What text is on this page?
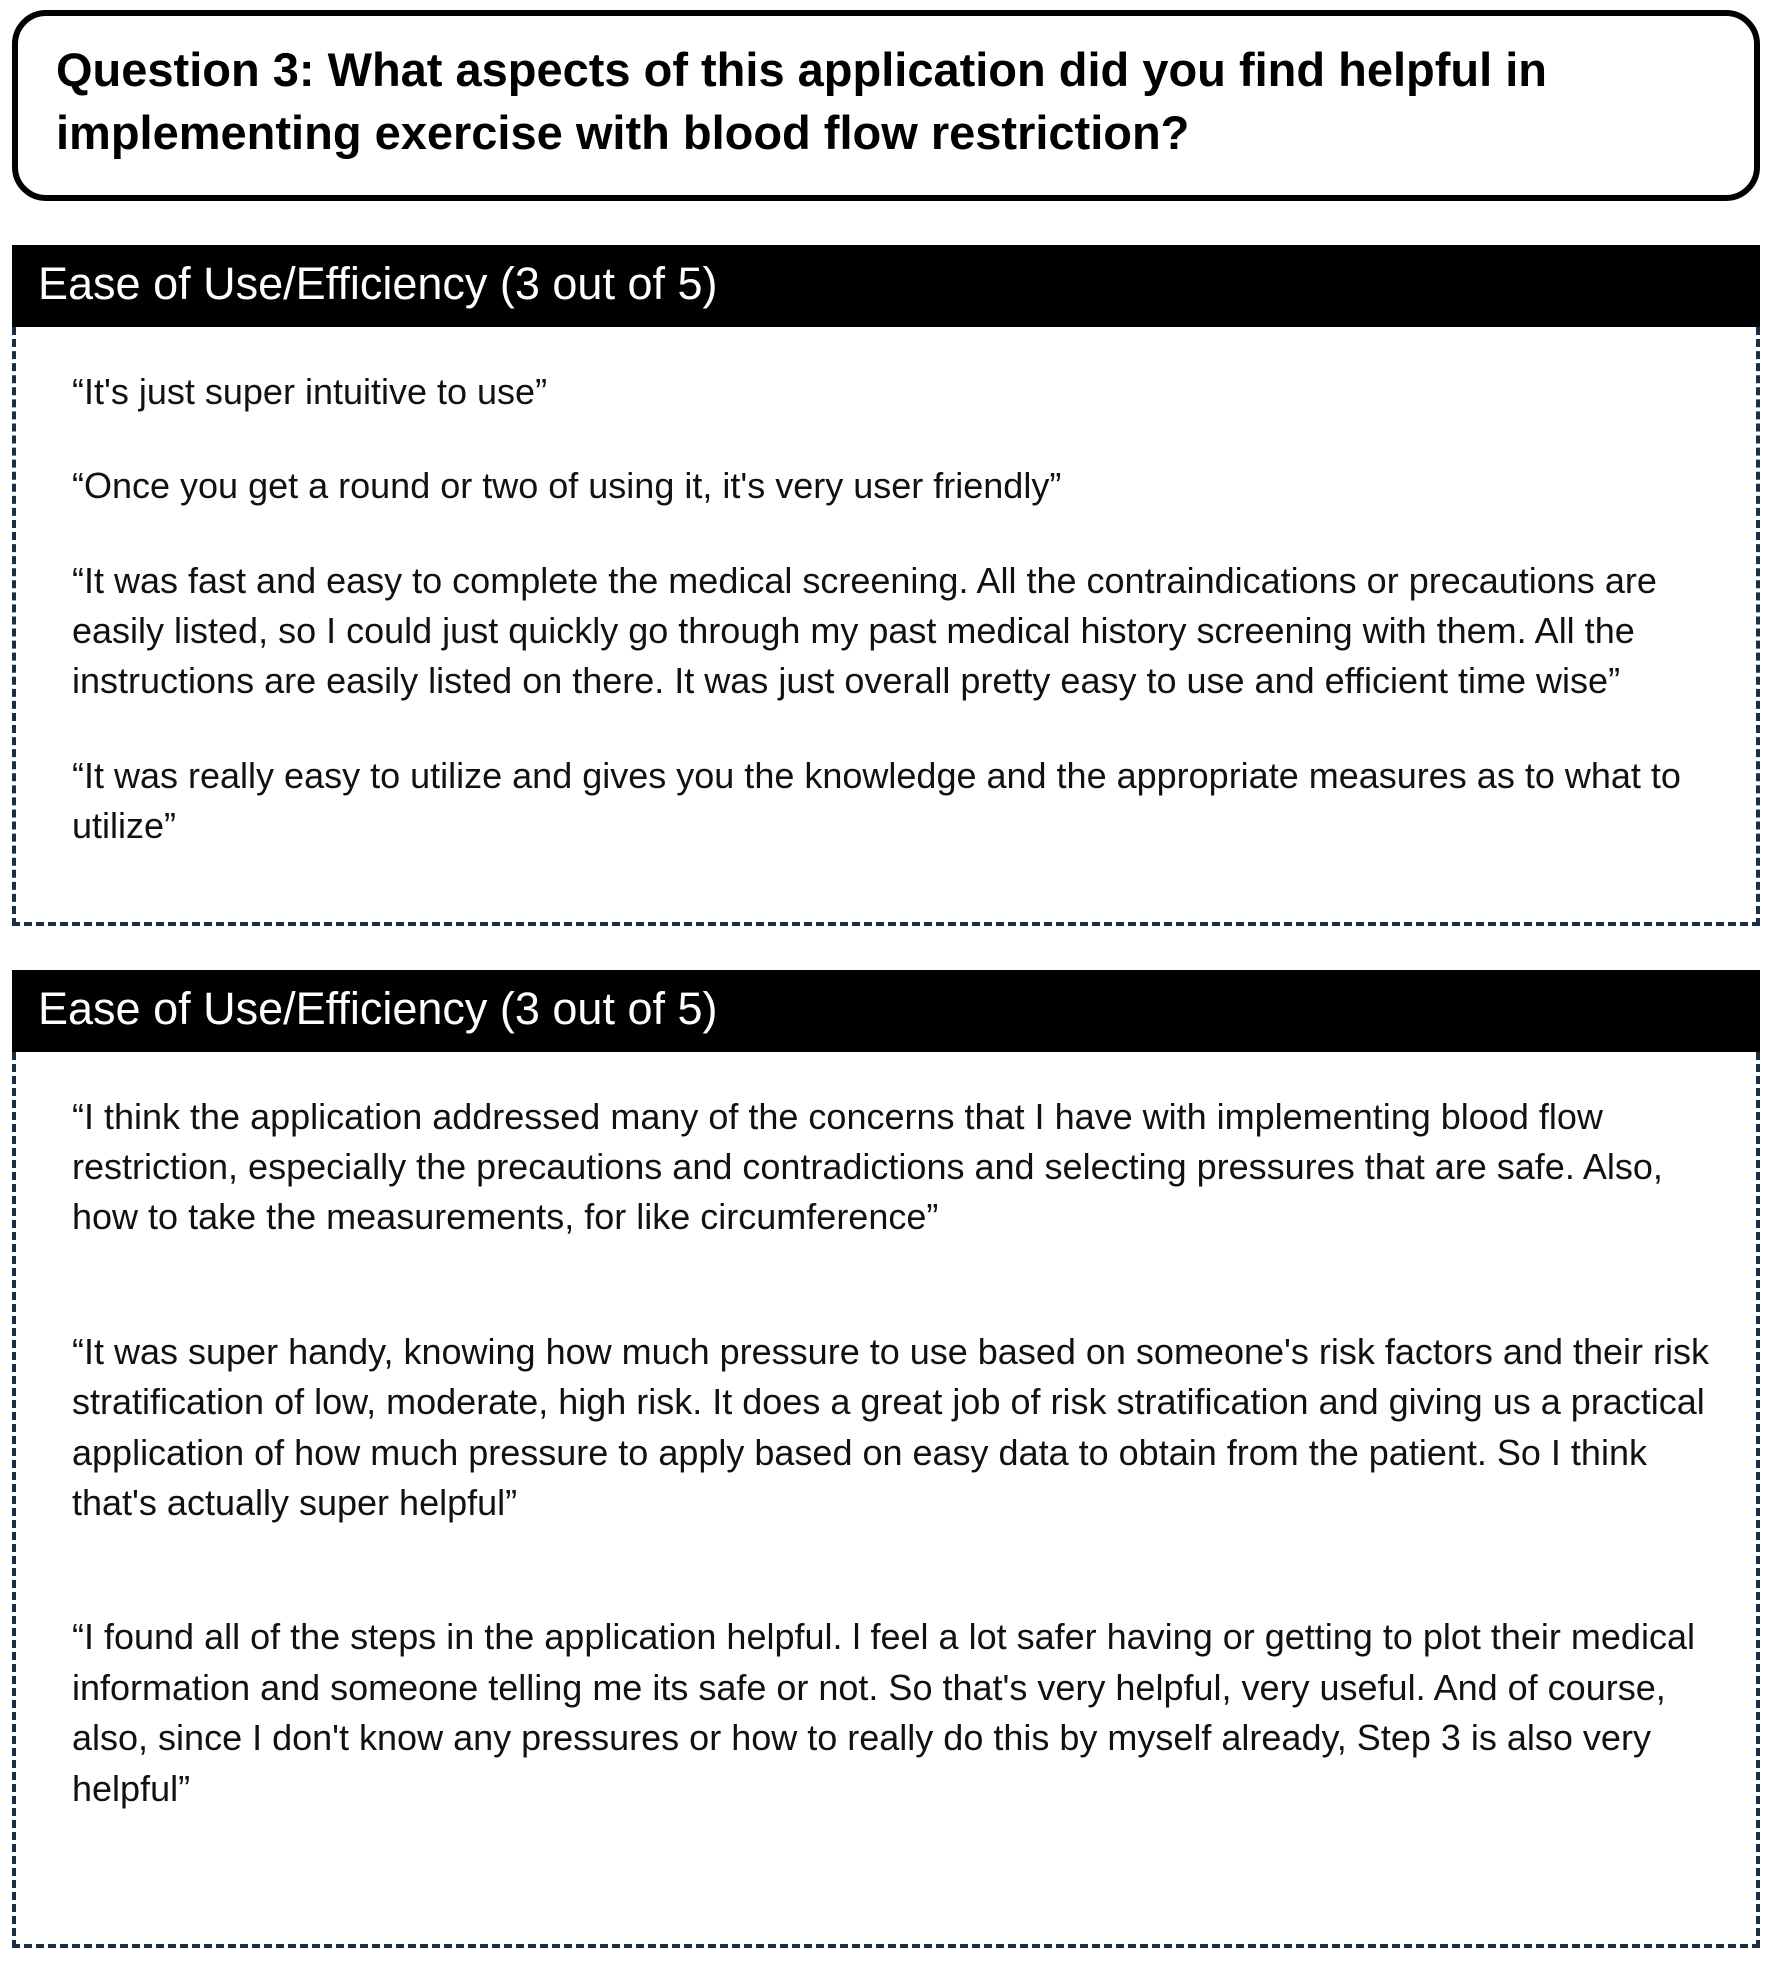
Question 3: What aspects of this application did you find helpful in implementing exercise with blood flow restriction?
Ease of Use/Efficiency (3 out of 5)

“It's just super intuitive to use”

“Once you get a round or two of using it, it's very user friendly”

“It was fast and easy to complete the medical screening. All the contraindications or precautions are easily listed, so I could just quickly go through my past medical history screening with them. All the instructions are easily listed on there. It was just overall pretty easy to use and efficient time wise”

“It was really easy to utilize and gives you the knowledge and the appropriate measures as to what to utilize”

Ease of Use/Efficiency (3 out of 5)

“I think the application addressed many of the concerns that I have with implementing blood flow restriction, especially the precautions and contradictions and selecting pressures that are safe. Also, how to take the measurements, for like circumference”

“It was super handy, knowing how much pressure to use based on someone's risk factors and their risk stratification of low, moderate, high risk. It does a great job of risk stratification and giving us a practical application of how much pressure to apply based on easy data to obtain from the patient. So I think that's actually super helpful”

“I found all of the steps in the application helpful. l feel a lot safer having or getting to plot their medical information and someone telling me its safe or not. So that's very helpful, very useful. And of course, also, since I don't know any pressures or how to really do this by myself already, Step 3 is also very helpful”
